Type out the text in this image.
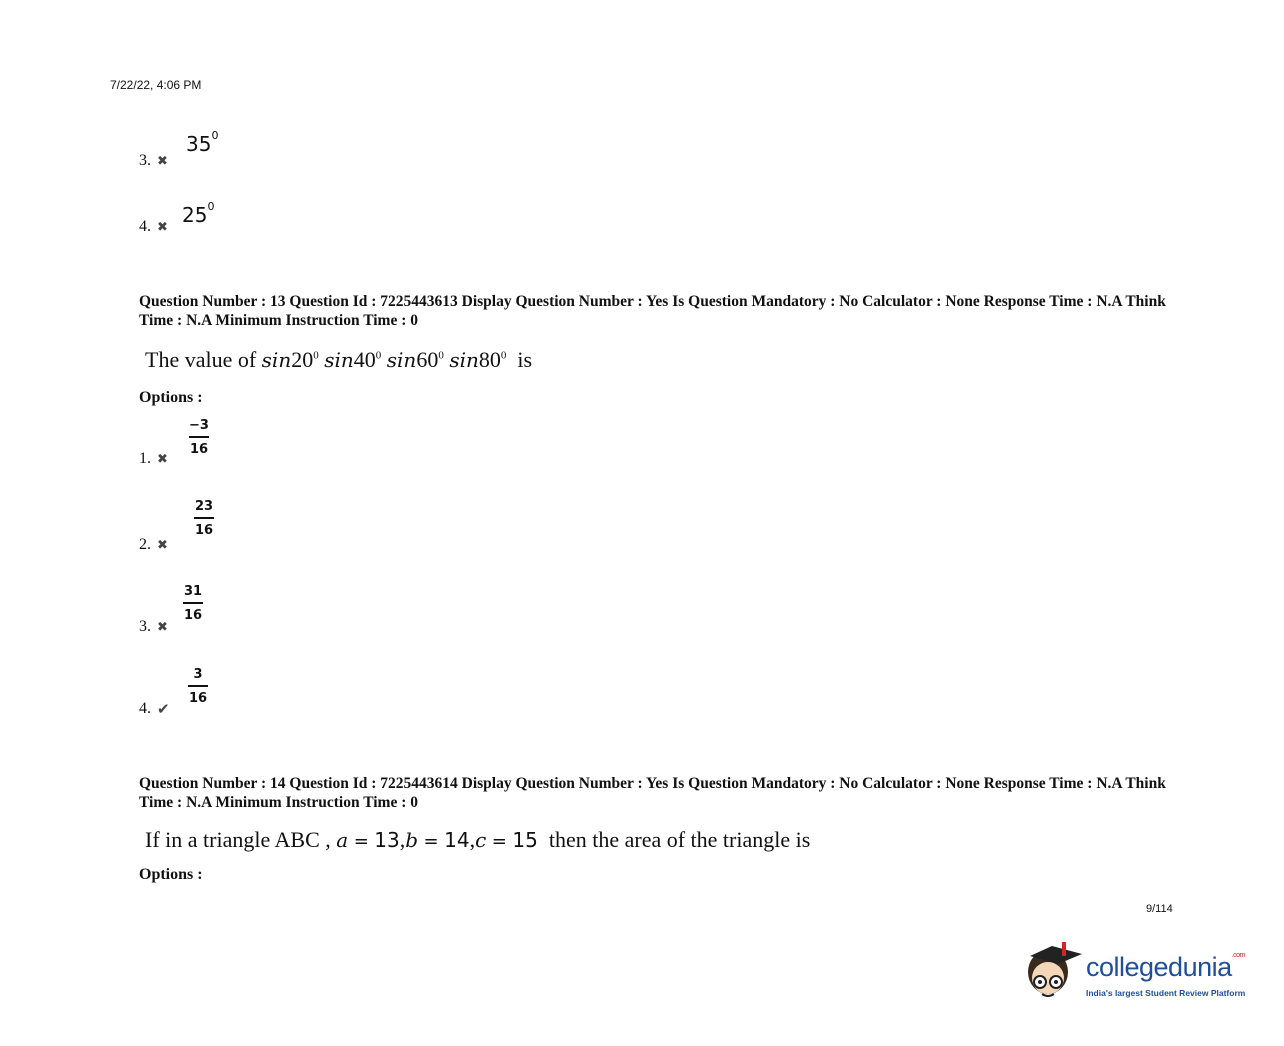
7/22/22, 4:06 PM
3. ✖
$35^0$
4. ✖ $25^0$
Question Number : 13 Question Id : 7225443613 Display Question Number : Yes Is Question Mandatory : No Calculator : None Response Time : N.A Think Time : N.A Minimum Instruction Time : 0
The value of $\sin 20^0$ $\sin 40^0$ $\sin 60^0$ $\sin 80^0$ is
Options :
1. ✖
−3
16
2. ✖
23
16
3. ✖
31
16
4. ✔
3
16
Question Number : 14 Question Id : 7225443614 Display Question Number : Yes Is Question Mandatory : No Calculator : None Response Time : N.A Think Time : N.A Minimum Instruction Time : 0
If in a triangle ABC , a = 13,b = 14,c = 15 then the area of the triangle is
Options :
9/114
collegedunia$^{.com}$
India's largest Student Review Platform
